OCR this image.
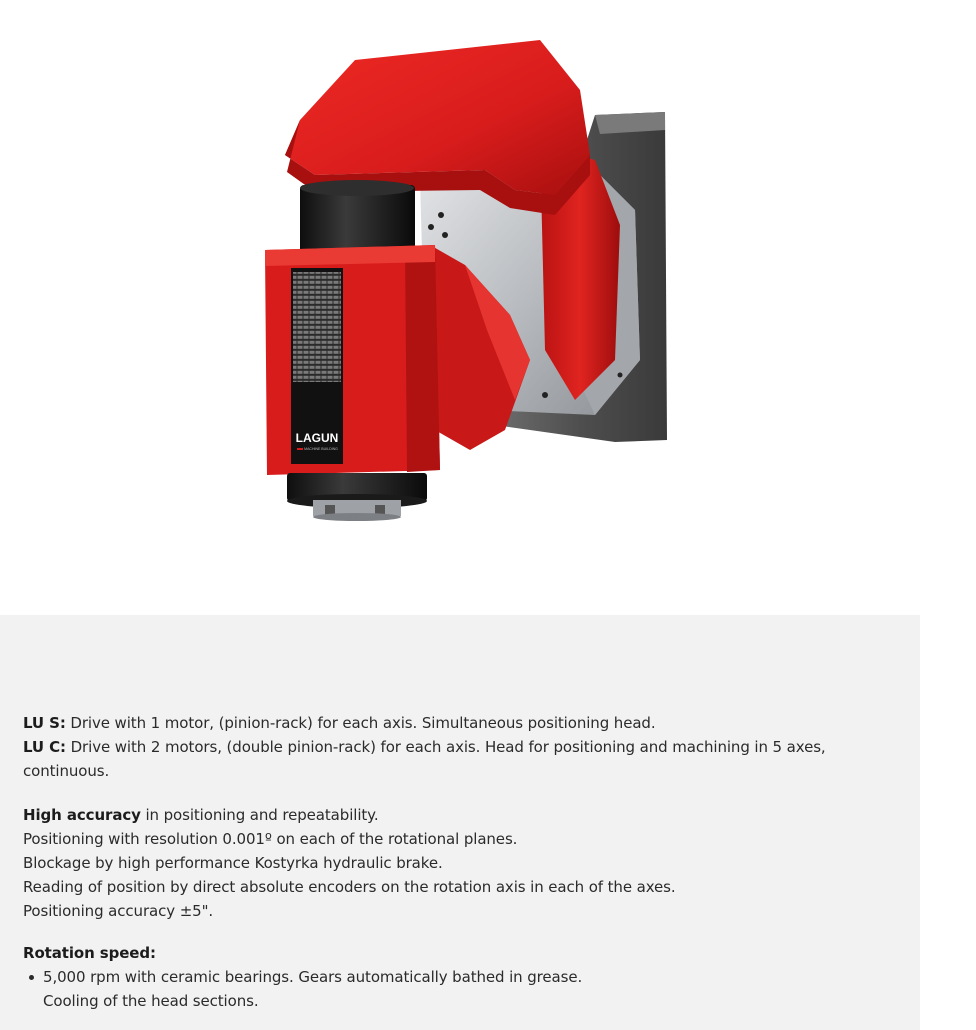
LAGUN
MACHINE BUILDING

LU S: Drive with 1 motor, (pinion-rack) for each axis. Simultaneous positioning head.

LU C: Drive with 2 motors, (double pinion-rack) for each axis. Head for positioning and machining in 5 axes,

continuous.

High accuracy in positioning and repeatability.

Positioning with resolution 0.001º on each of the rotational planes.

Blockage by high performance Kostyrka hydraulic brake.

Reading of position by direct absolute encoders on the rotation axis in each of the axes.

Positioning accuracy ±5".

Rotation speed:

5,000 rpm with ceramic bearings. Gears automatically bathed in grease.
Cooling of the head sections.
